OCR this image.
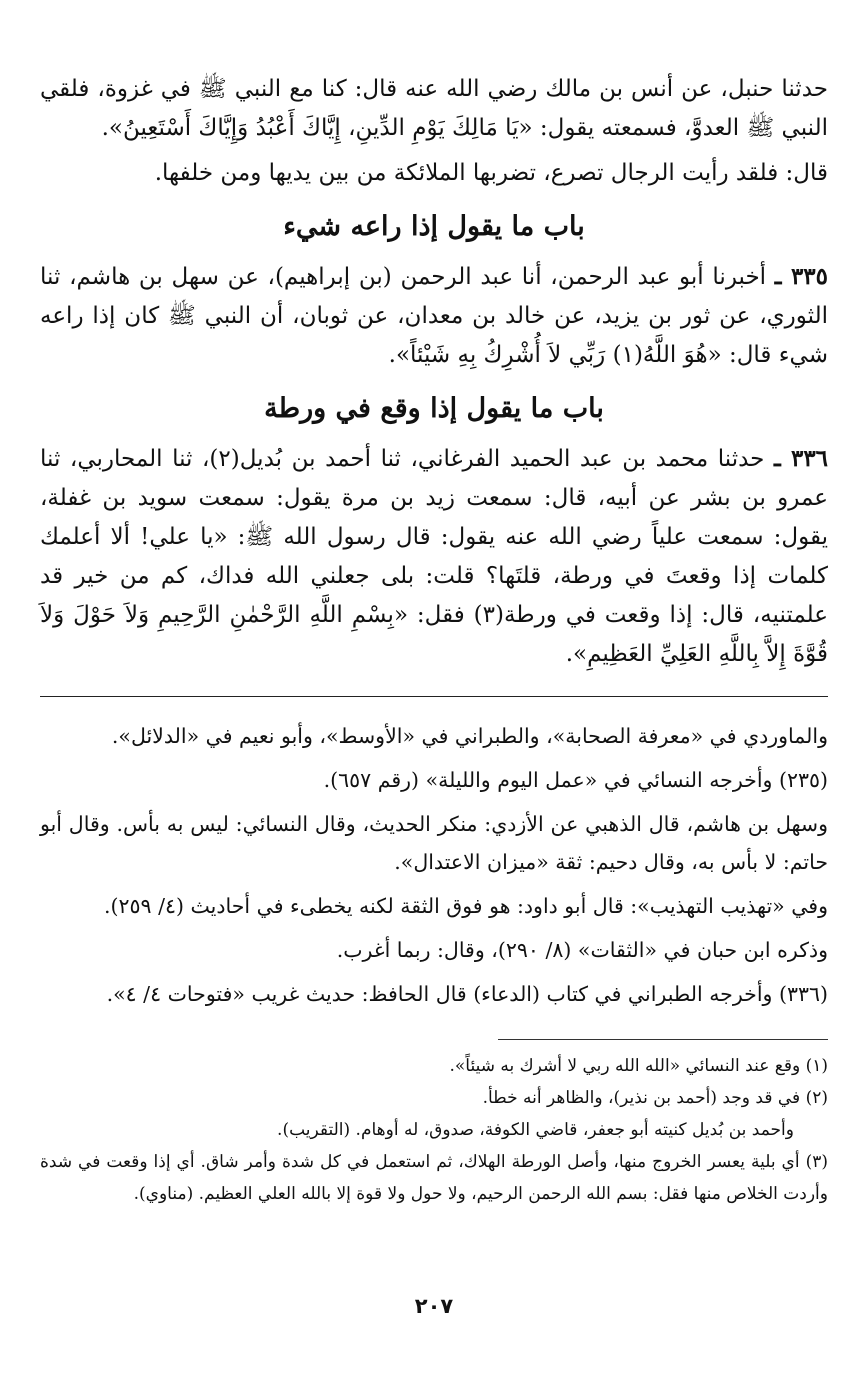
حدثنا حنبل، عن أنس بن مالك رضي الله عنه قال: كنا مع النبي ﷺ في غزوة، فلقي النبي ﷺ العدوَّ، فسمعته يقول: «يَا مَالِكَ يَوْمِ الدِّينِ، إِيَّاكَ أَعْبُدُ وَإِيَّاكَ أَسْتَعِينُ».

قال: فلقد رأيت الرجال تصرع، تضربها الملائكة من بين يديها ومن خلفها.

باب ما يقول إذا راعه شيء

٣٣٥ ـ أخبرنا أبو عبد الرحمن، أنا عبد الرحمن (بن إبراهيم)، عن سهل بن هاشم، ثنا الثوري، عن ثور بن يزيد، عن خالد بن معدان، عن ثوبان، أن النبي ﷺ كان إذا راعه شيء قال: «هُوَ اللَّهُ(١) رَبِّي لاَ أُشْرِكُ بِهِ شَيْئاً».

باب ما يقول إذا وقع في ورطة

٣٣٦ ـ حدثنا محمد بن عبد الحميد الفرغاني، ثنا أحمد بن بُديل(٢)، ثنا المحاربي، ثنا عمرو بن بشر عن أبيه، قال: سمعت زيد بن مرة يقول: سمعت سويد بن غفلة، يقول: سمعت علياً رضي الله عنه يقول: قال رسول الله ﷺ: «يا علي! ألا أعلمك كلمات إذا وقعتَ في ورطة، قلتَها؟ قلت: بلى جعلني الله فداك، كم من خير قد علمتنيه، قال: إذا وقعت في ورطة(٣) فقل: «بِسْمِ اللَّهِ الرَّحْمٰنِ الرَّحِيمِ وَلاَ حَوْلَ وَلاَ قُوَّةَ إِلاَّ بِاللَّهِ العَلِيِّ العَظِيمِ».

والماوردي في «معرفة الصحابة»، والطبراني في «الأوسط»، وأبو نعيم في «الدلائل».

(٢٣٥) وأخرجه النسائي في «عمل اليوم والليلة» (رقم ٦٥٧).

وسهل بن هاشم، قال الذهبي عن الأزدي: منكر الحديث، وقال النسائي: ليس به بأس. وقال أبو حاتم: لا بأس به، وقال دحيم: ثقة «ميزان الاعتدال».

وفي «تهذيب التهذيب»: قال أبو داود: هو فوق الثقة لكنه يخطىء في أحاديث (٤/ ٢٥٩).

وذكره ابن حبان في «الثقات» (٨/ ٢٩٠)، وقال: ربما أغرب.

(٣٣٦) وأخرجه الطبراني في كتاب (الدعاء) قال الحافظ: حديث غريب «فتوحات ٤/ ٤».

(١) وقع عند النسائي «الله الله ربي لا أشرك به شيئاً».

(٢) في قد وجد (أحمد بن نذير)، والظاهر أنه خطأ.

وأحمد بن بُديل كنيته أبو جعفر، قاضي الكوفة، صدوق، له أوهام. (التقريب).

(٣) أي بلية يعسر الخروج منها، وأصل الورطة الهلاك، ثم استعمل في كل شدة وأمر شاق. أي إذا وقعت في شدة وأردت الخلاص منها فقل: بسم الله الرحمن الرحيم، ولا حول ولا قوة إلا بالله العلي العظيم. (مناوي).

٢٠٧
